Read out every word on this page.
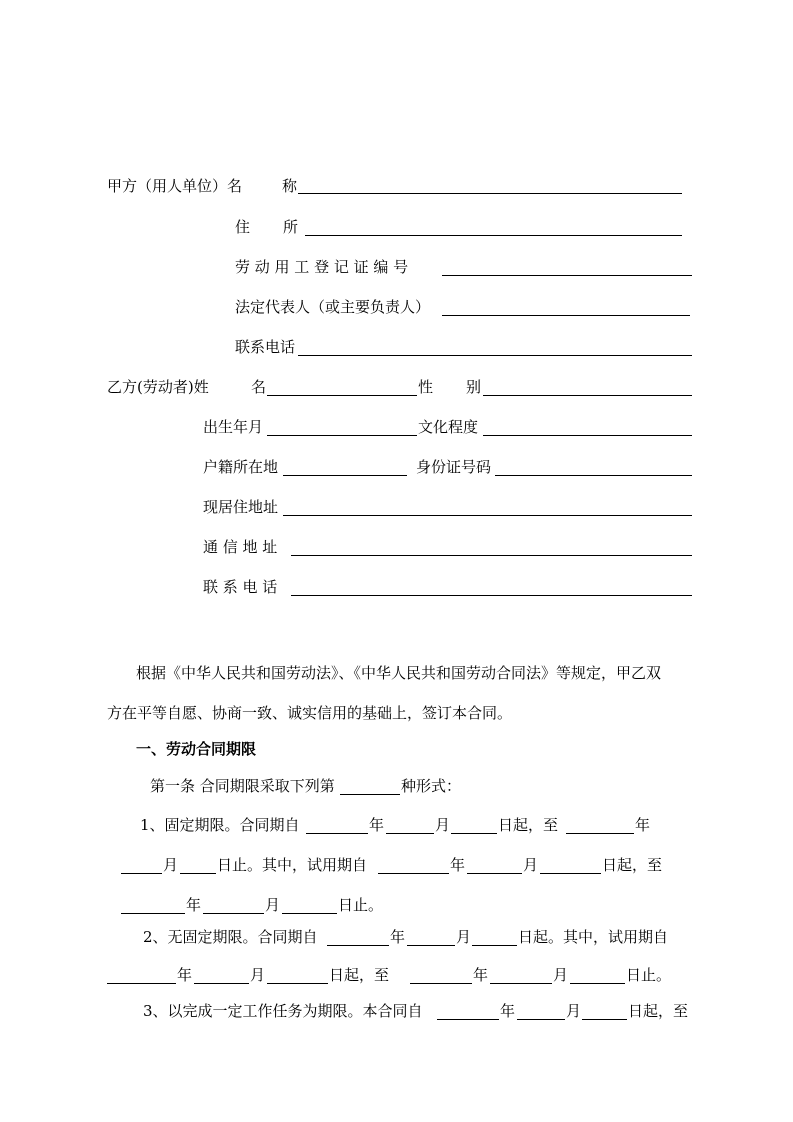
甲方（用人单位）名	称
住 所
劳 动 用 工 登 记 证 编 号
法定代表人（或主要负责人）
联系电话
乙方(劳动者)姓	名	性 别
出生年月	文化程度
户籍所在地	身份证号码
现居住地址
通 信 地 址
联 系 电 话
根据《中华人民共和国劳动法》、《中华人民共和国劳动合同法》等规定，甲乙双
方在平等自愿、协商一致、诚实信用的基础上，签订本合同。
一、劳动合同期限
第一条 合同期限采取下列第	种形式：
1、固定期限。合同期自	年	月	日起，至	年
月	日止。其中，试用期自	年	月	日起，至
年	月	日止。
2、无固定期限。合同期自	年	月	日起。其中，试用期自
年	月	日起，至	年	月	日止。
3、以完成一定工作任务为期限。本合同自	年	月	日起，至
